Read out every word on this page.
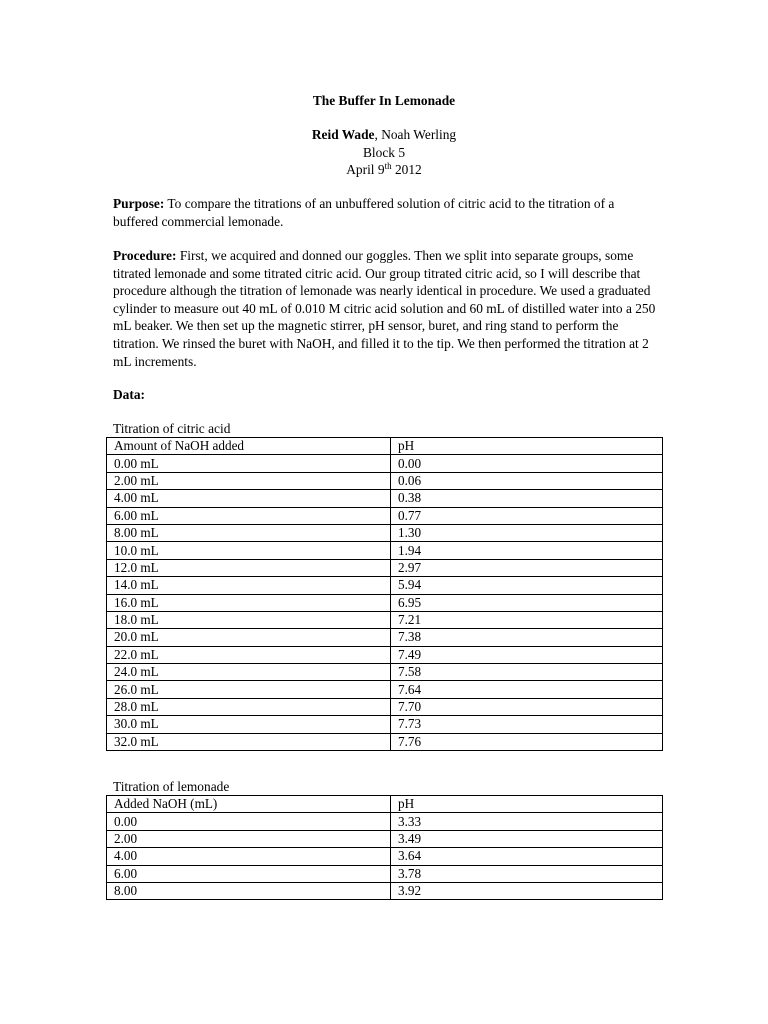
The Buffer In Lemonade
Reid Wade, Noah Werling
Block 5
April 9th 2012
Purpose: To compare the titrations of an unbuffered solution of citric acid to the titration of a buffered commercial lemonade.
Procedure: First, we acquired and donned our goggles. Then we split into separate groups, some titrated lemonade and some titrated citric acid. Our group titrated citric acid, so I will describe that procedure although the titration of lemonade was nearly identical in procedure. We used a graduated cylinder to measure out 40 mL of 0.010 M citric acid solution and 60 mL of distilled water into a 250 mL beaker. We then set up the magnetic stirrer, pH sensor, buret, and ring stand to perform the titration. We rinsed the buret with NaOH, and filled it to the tip. We then performed the titration at 2 mL increments.
Data:
Titration of citric acid
Amount of NaOH added	pH
0.00 mL	0.00
2.00 mL	0.06
4.00 mL	0.38
6.00 mL	0.77
8.00 mL	1.30
10.0 mL	1.94
12.0 mL	2.97
14.0 mL	5.94
16.0 mL	6.95
18.0 mL	7.21
20.0 mL	7.38
22.0 mL	7.49
24.0 mL	7.58
26.0 mL	7.64
28.0 mL	7.70
30.0 mL	7.73
32.0 mL	7.76
Titration of lemonade
Added NaOH (mL)	pH
0.00	3.33
2.00	3.49
4.00	3.64
6.00	3.78
8.00	3.92
